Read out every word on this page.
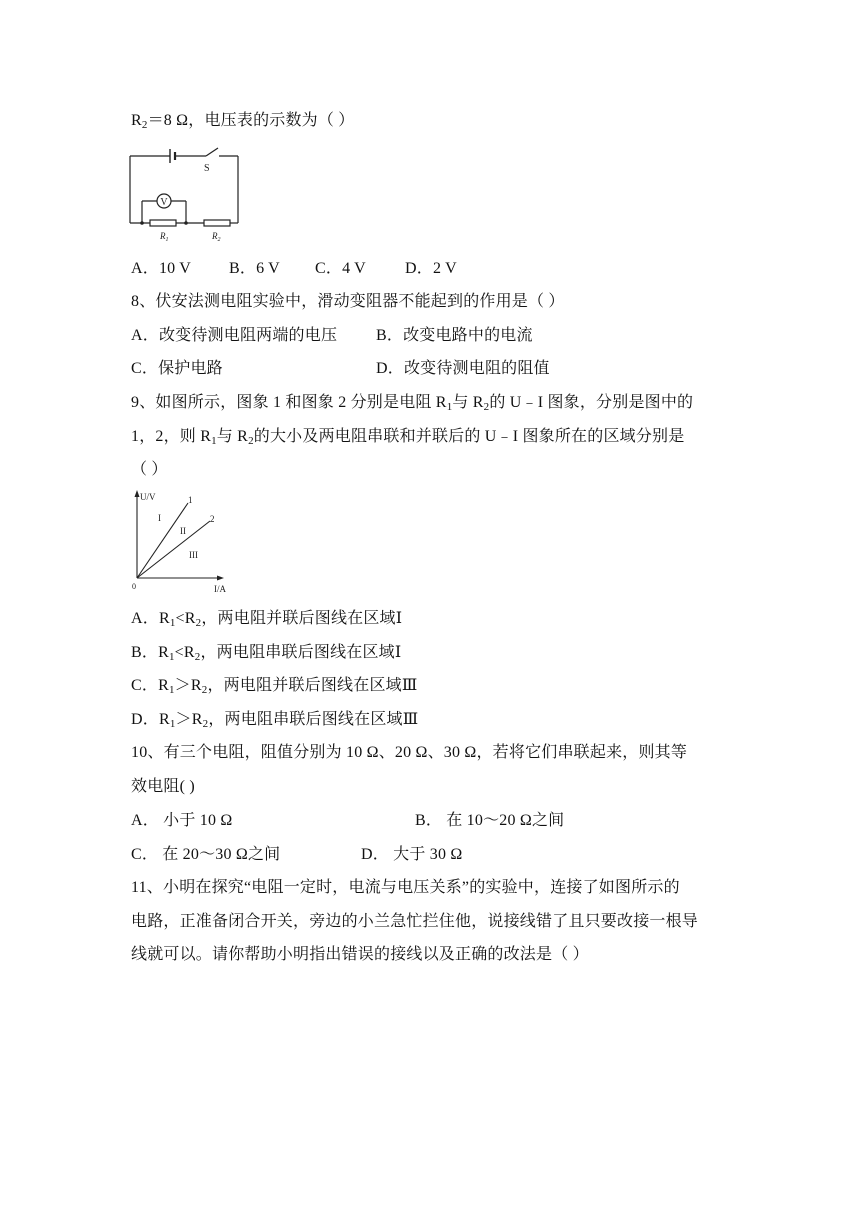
$R_2=8$ Ω，电压表的示数为（ ）
V
S
$R_1$	$R_2$
A．10 V B．6 V C．4 V D．2 V
8、伏安法测电阻实验中，滑动变阻器不能起到的作用是（ ）
A．改变待测电阻两端的电压 B．改变电路中的电流
C．保护电路	D．改变待测电阻的阻值
9、如图所示，图象 1 和图象 2 分别是电阻 $R_1$与 $R_2$的 U﹣I 图象，分别是图中的
1，2，则 $R_1$与 $R_2$的大小及两电阻串联和并联后的 U﹣I 图象所在的区域分别是
（ ）
U/V
I/A
0
1
2
I
II
III
A．$R_1<R_2$，两电阻并联后图线在区域Ⅰ
B．$R_1<R_2$，两电阻串联后图线在区域Ⅰ
C．$R_1>R_2$，两电阻并联后图线在区域Ⅲ
D．$R_1>R_2$，两电阻串联后图线在区域Ⅲ
10、有三个电阻，阻值分别为 10 Ω、20 Ω、30 Ω，若将它们串联起来，则其等
效电阻( )
A． 小于 10 Ω	B． 在 10～20 Ω之间
C． 在 20～30 Ω之间	D． 大于 30 Ω
11、小明在探究“电阻一定时，电流与电压关系”的实验中，连接了如图所示的
电路，正准备闭合开关，旁边的小兰急忙拦住他，说接线错了且只要改接一根导
线就可以。请你帮助小明指出错误的接线以及正确的改法是（ ）
